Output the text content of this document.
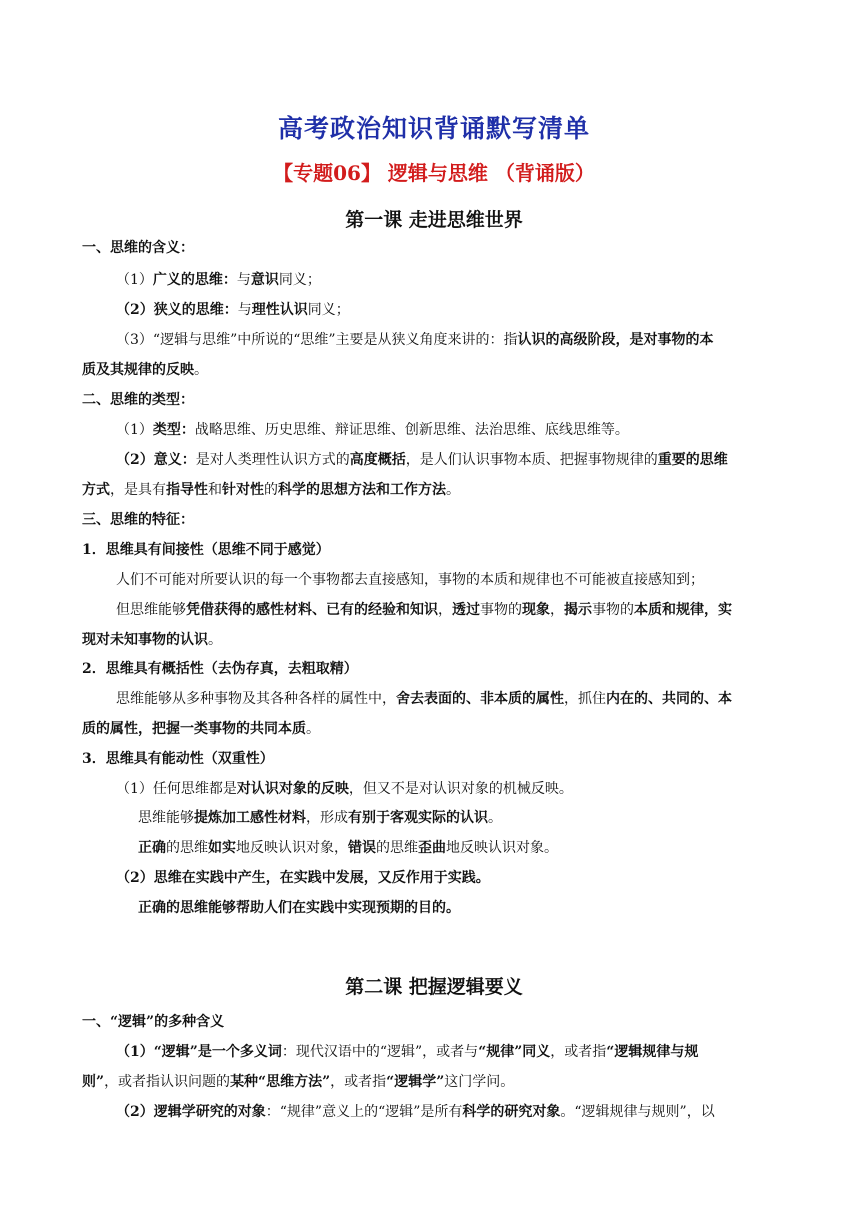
高考政治知识背诵默写清单
【专题06】 逻辑与思维 （背诵版）
第一课 走进思维世界
一、思维的含义：
（1）广义的思维：与意识同义；
（2）狭义的思维：与理性认识同义；
（3）“逻辑与思维”中所说的“思维”主要是从狭义角度来讲的：指认识的高级阶段，是对事物的本
质及其规律的反映。
二、思维的类型：
（1）类型：战略思维、历史思维、辩证思维、创新思维、法治思维、底线思维等。
（2）意义：是对人类理性认识方式的高度概括，是人们认识事物本质、把握事物规律的重要的思维
方式，是具有指导性和针对性的科学的思想方法和工作方法。
三、思维的特征：
1．思维具有间接性（思维不同于感觉）
人们不可能对所要认识的每一个事物都去直接感知，事物的本质和规律也不可能被直接感知到；
但思维能够凭借获得的感性材料、已有的经验和知识，透过事物的现象，揭示事物的本质和规律，实
现对未知事物的认识。
2．思维具有概括性（去伪存真，去粗取精）
思维能够从多种事物及其各种各样的属性中，舍去表面的、非本质的属性，抓住内在的、共同的、本
质的属性，把握一类事物的共同本质。
3．思维具有能动性（双重性）
（1）任何思维都是对认识对象的反映，但又不是对认识对象的机械反映。
思维能够提炼加工感性材料，形成有别于客观实际的认识。
正确的思维如实地反映认识对象，错误的思维歪曲地反映认识对象。
（2）思维在实践中产生，在实践中发展，又反作用于实践。
正确的思维能够帮助人们在实践中实现预期的目的。
第二课 把握逻辑要义
一、“逻辑”的多种含义
（1）“逻辑”是一个多义词：现代汉语中的“逻辑”，或者与“规律”同义，或者指“逻辑规律与规
则”，或者指认识问题的某种“思维方法”，或者指“逻辑学”这门学问。
（2）逻辑学研究的对象：“规律”意义上的“逻辑”是所有科学的研究对象。“逻辑规律与规则”，以
